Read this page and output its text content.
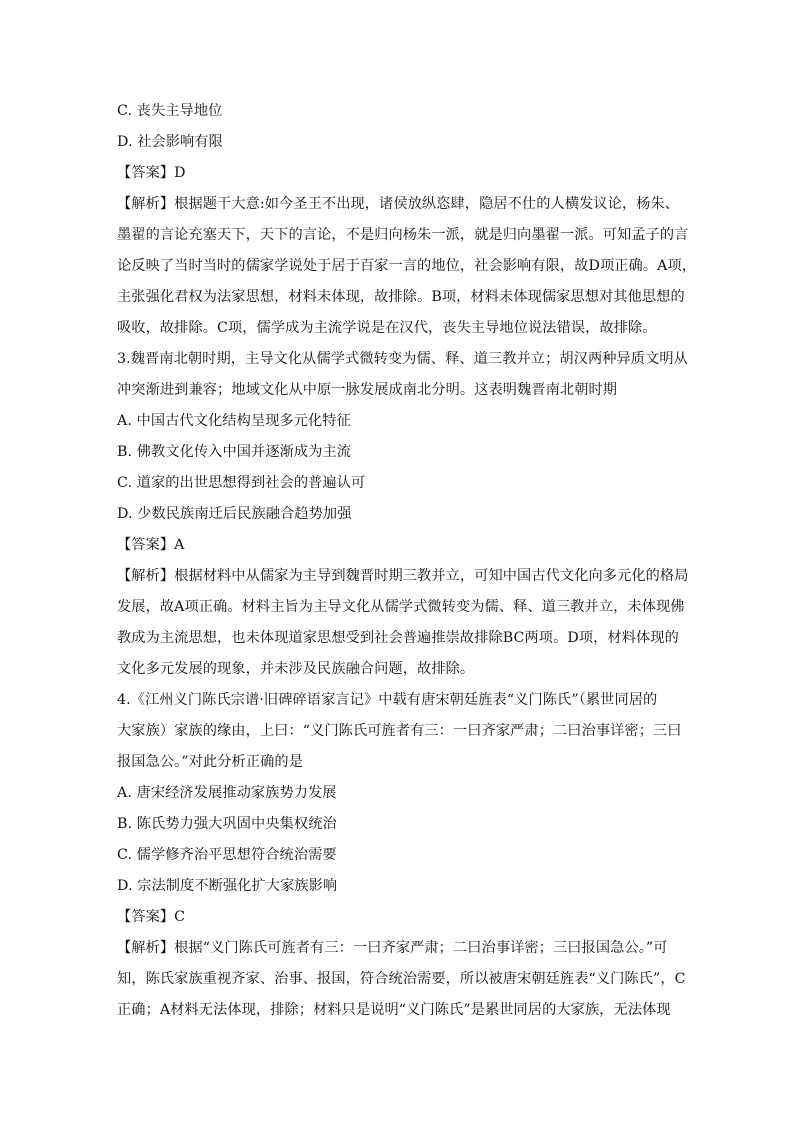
C. 丧失主导地位
D. 社会影响有限
【答案】D
【解析】根据题干大意:如今圣王不出现，诸侯放纵恣肆，隐居不仕的人横发议论，杨朱、
墨翟的言论充塞天下，天下的言论，不是归向杨朱一派，就是归向墨翟一派。可知孟子的言
论反映了当时当时的儒家学说处于居于百家一言的地位，社会影响有限，故D项正确。A项，
主张强化君权为法家思想，材料未体现，故排除。B项，材料未体现儒家思想对其他思想的
吸收，故排除。C项，儒学成为主流学说是在汉代，丧失主导地位说法错误，故排除。
3.魏晋南北朝时期，主导文化从儒学式微转变为儒、释、道三教并立；胡汉两种异质文明从
冲突渐进到兼容；地域文化从中原一脉发展成南北分明。这表明魏晋南北朝时期
A. 中国古代文化结构呈现多元化特征
B. 佛教文化传入中国并逐渐成为主流
C. 道家的出世思想得到社会的普遍认可
D. 少数民族南迁后民族融合趋势加强
【答案】A
【解析】根据材料中从儒家为主导到魏晋时期三教并立，可知中国古代文化向多元化的格局
发展，故A项正确。材料主旨为主导文化从儒学式微转变为儒、释、道三教并立，未体现佛
教成为主流思想，也未体现道家思想受到社会普遍推崇故排除BC两项。D项，材料体现的
文化多元发展的现象，并未涉及民族融合问题，故排除。
4.《江州义门陈氏宗谱·旧碑碎语家言记》中载有唐宋朝廷旌表“义门陈氏”（累世同居的
大家族）家族的缘由，上曰：“义门陈氏可旌者有三：一曰齐家严肃；二曰治事详密；三曰
报国急公。”对此分析正确的是
A. 唐宋经济发展推动家族势力发展
B. 陈氏势力强大巩固中央集权统治
C. 儒学修齐治平思想符合统治需要
D. 宗法制度不断强化扩大家族影响
【答案】C
【解析】根据“义门陈氏可旌者有三：一曰齐家严肃；二曰治事详密；三曰报国急公。”可
知，陈氏家族重视齐家、治事、报国，符合统治需要，所以被唐宋朝廷旌表“义门陈氏”，C
正确；A材料无法体现，排除；材料只是说明“义门陈氏”是累世同居的大家族，无法体现
